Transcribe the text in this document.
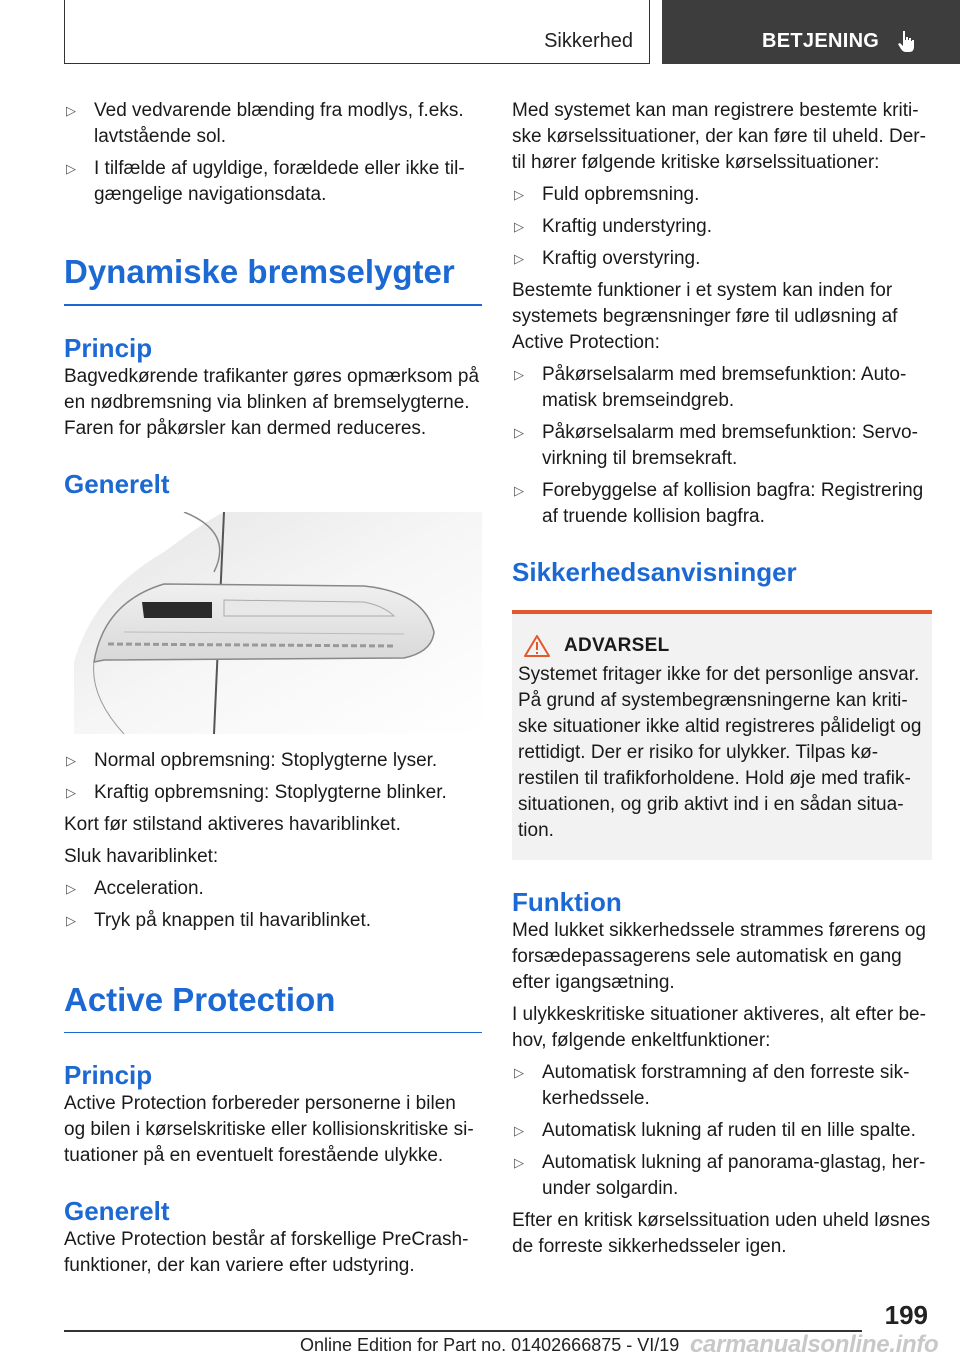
Sikkerhed	BETJENING
▷ Ved vedvarende blænding fra modlys, f.eks. lavtstående sol.
▷ I tilfælde af ugyldige, forældede eller ikke tilgængelige navigationsdata.
Dynamiske bremselygter
Princip
Bagvedkørende trafikanter gøres opmærksom på en nødbremsning via blinken af bremselygterne. Faren for påkørsler kan dermed reduceres.
Generelt
▷ Normal opbremsning: Stoplygterne lyser.
▷ Kraftig opbremsning: Stoplygterne blinker.
Kort før stilstand aktiveres havariblinket.
Sluk havariblinket:
▷ Acceleration.
▷ Tryk på knappen til havariblinket.
Active Protection
Princip
Active Protection forbereder personerne i bilen og bilen i kørselskritiske eller kollisionskritiske situationer på en eventuelt forestående ulykke.
Generelt
Active Protection består af forskellige PreCrash-funktioner, der kan variere efter udstyring.
Med systemet kan man registrere bestemte kritiske kørselssituationer, der kan føre til uheld. Dertil hører følgende kritiske kørselssituationer:
▷ Fuld opbremsning.
▷ Kraftig understyring.
▷ Kraftig overstyring.
Bestemte funktioner i et system kan inden for systemets begrænsninger føre til udløsning af Active Protection:
▷ Påkørselsalarm med bremsefunktion: Automatisk bremseindgreb.
▷ Påkørselsalarm med bremsefunktion: Servovirkning til bremsekraft.
▷ Forebyggelse af kollision bagfra: Registrering af truende kollision bagfra.
Sikkerhedsanvisninger
ADVARSEL
Systemet fritager ikke for det personlige ansvar. På grund af systembegrænsningerne kan kritiske situationer ikke altid registreres pålideligt og rettidigt. Der er risiko for ulykker. Tilpas kørestilen til trafikforholdene. Hold øje med trafiksituationen, og grib aktivt ind i en sådan situation.
Funktion
Med lukket sikkerhedssele strammes førerens og forsædepassagerens sele automatisk en gang efter igangsætning.
I ulykkeskritiske situationer aktiveres, alt efter behov, følgende enkeltfunktioner:
▷ Automatisk forstramning af den forreste sikkerhedssele.
▷ Automatisk lukning af ruden til en lille spalte.
▷ Automatisk lukning af panorama-glastag, herunder solgardin.
Efter en kritisk kørselssituation uden uheld løsnes de forreste sikkerhedsseler igen.
199
Online Edition for Part no. 01402666875 - VI/19 carmanualsonline.info
